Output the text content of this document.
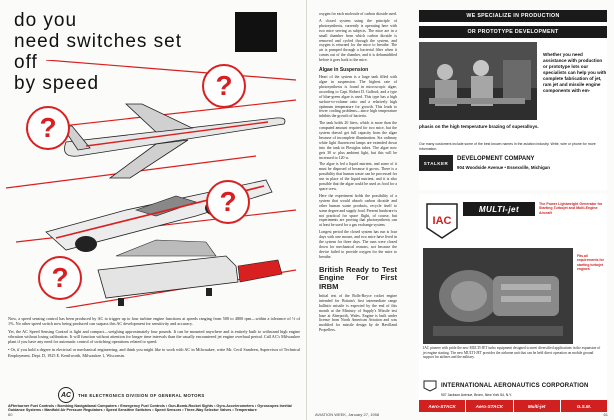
do you
need switches set off
by speed	?
?
?
?

Now, a speed sensing control has been produced by AC to trigger up to four turbine engine functions at speeds ranging from 500 to 4800 rpm—within a tolerance of ½ of 1%. No other speed switch now being produced can surpass this AC development for sensitivity and accuracy.

Yet, the AC Speed Sensing Control is light and compact—weighing approximately four pounds. It can be mounted anywhere and is entirely built to withstand high engine vibration without losing calibration. It will function without attention for longer time intervals than the usually encountered jet engine overhaul period. Call AC's Milwaukee plant if you have any need for automatic control of switching operations related to speed.

• Or, if you hold a degree in electrical or mechanical engineering, and think you might like to work with AC in Milwaukee, write Mr. Cecil Sundeen, Supervisor of Technical Employment, Dept. D, 1925 E. Kenilworth, Milwaukee 1, Wisconsin.

AC	THE ELECTRONICS DIVISION OF GENERAL MOTORS
AFterburner Fuel Controls • Bombing Navigational Computers • Emergency Fuel Controls • Gun-Bomb-Rocket Sights • Gyro-Accelerometers • Gyroscopes Inertial Guidance Systems • Manifold Air Pressure Regulators • Speed Sensitive Switches • Speed Sensors • Three-Way Selector Valves • Temperature
60

oxygen for each molecule of carbon dioxide used.

A closed system using the principle of photosynthesis, currently is operating here with two mice serving as subjects. The mice are in a small chamber from which carbon dioxide is removed and cycled through the system, and oxygen is returned for the mice to breathe. The air is pumped through a bacterial filter when it comes out of the chamber, and it is dehumidified before it goes back to the mice.

Algae in Suspension

Heart of the system is a large tank filled with algae in suspension. The highest rate of photosynthesis is found in microscopic algae, according to Capt. Robert D. Gafford, and a type of blue-green algae is used. This type has a high surface-to-volume ratio and a relatively high optimum temperature for growth. This leads to fewer cooling problems—since high temperature inhibits the growth of bacteria.

The tank holds 20 liters, which is more than the computed amount required for two mice, but the system doesn't get full capacity from the algae because of incomplete illumination. Six ordinary white light fluorescent lamps are extended down into the tank in Plexiglas tubes. The algae now gets 30 w. plus ambient light, but this will be increased to 120 w.

The algae is fed a liquid nutrient, and some of it must be disposed of because it grows. There is a possibility that human waste can be processed for use in place of the liquid nutrient, and it is also possible that the algae could be used as food for a space crew.

Here the experiment holds the possibility of a system that would absorb carbon dioxide and other human waste products, recycle itself to some degree and supply food. Present hardware is not practical for space flight, of course, but experiments are proving that photosynthesis can at least be used for a gas exchange system.

Longest period the closed system has run is four days with one mouse, and two mice have lived in the system for three days. The runs were closed down for mechanical reasons, not because the device failed to provide oxygen for the mice to breathe.

British Ready to Test Engine For First IRBM

Initial test of the Rolls-Royce rocket engine intended for Britain's first intermediate range ballistic missile is expected by the end of this month at the Ministry of Supply's Missile test base at Aberporth, Wales. Engine is built under license from North American Aviation and was modified for missile design by de Havilland Propellers.

WE SPECIALIZE IN PRODUCTION
OR PROTOTYPE DEVELOPMENT
Whether you need assistance with production or prototype lots our specialists can help you with complete fabrication of jet, ram jet and missile engine components with em-
phasis on the high temperature brazing of superalloys.
Our many customers include some of the best known names in the aviation industry. Write, wire or phone for more information.
STALKER
DEVELOPMENT COMPANY
904 Woodside Avenue • Essexville, Michigan
IAC
MULTI-jet
The Power Lightweight Generator for Starting Turbojet and Multi-Engine Aircraft
Fits all requirements for starting turbojet engines
IAC pioneer with pride the new MULTI-JET turbo equipment designed to meet diversified applications in the expansion of jet engine starting. The new MULTI-JET provides the airborne unit that can be held direct operation on mobile ground support for airlines and the military.
INTERNATIONAL AERONAUTICS CORPORATION
907 Jackson Avenue, Bronx, New York 54, N.Y.
Aero-STACK	Aero-STACK	Multi-jet	G.S.M.
AVIATION WEEK, January 27, 1958	61
